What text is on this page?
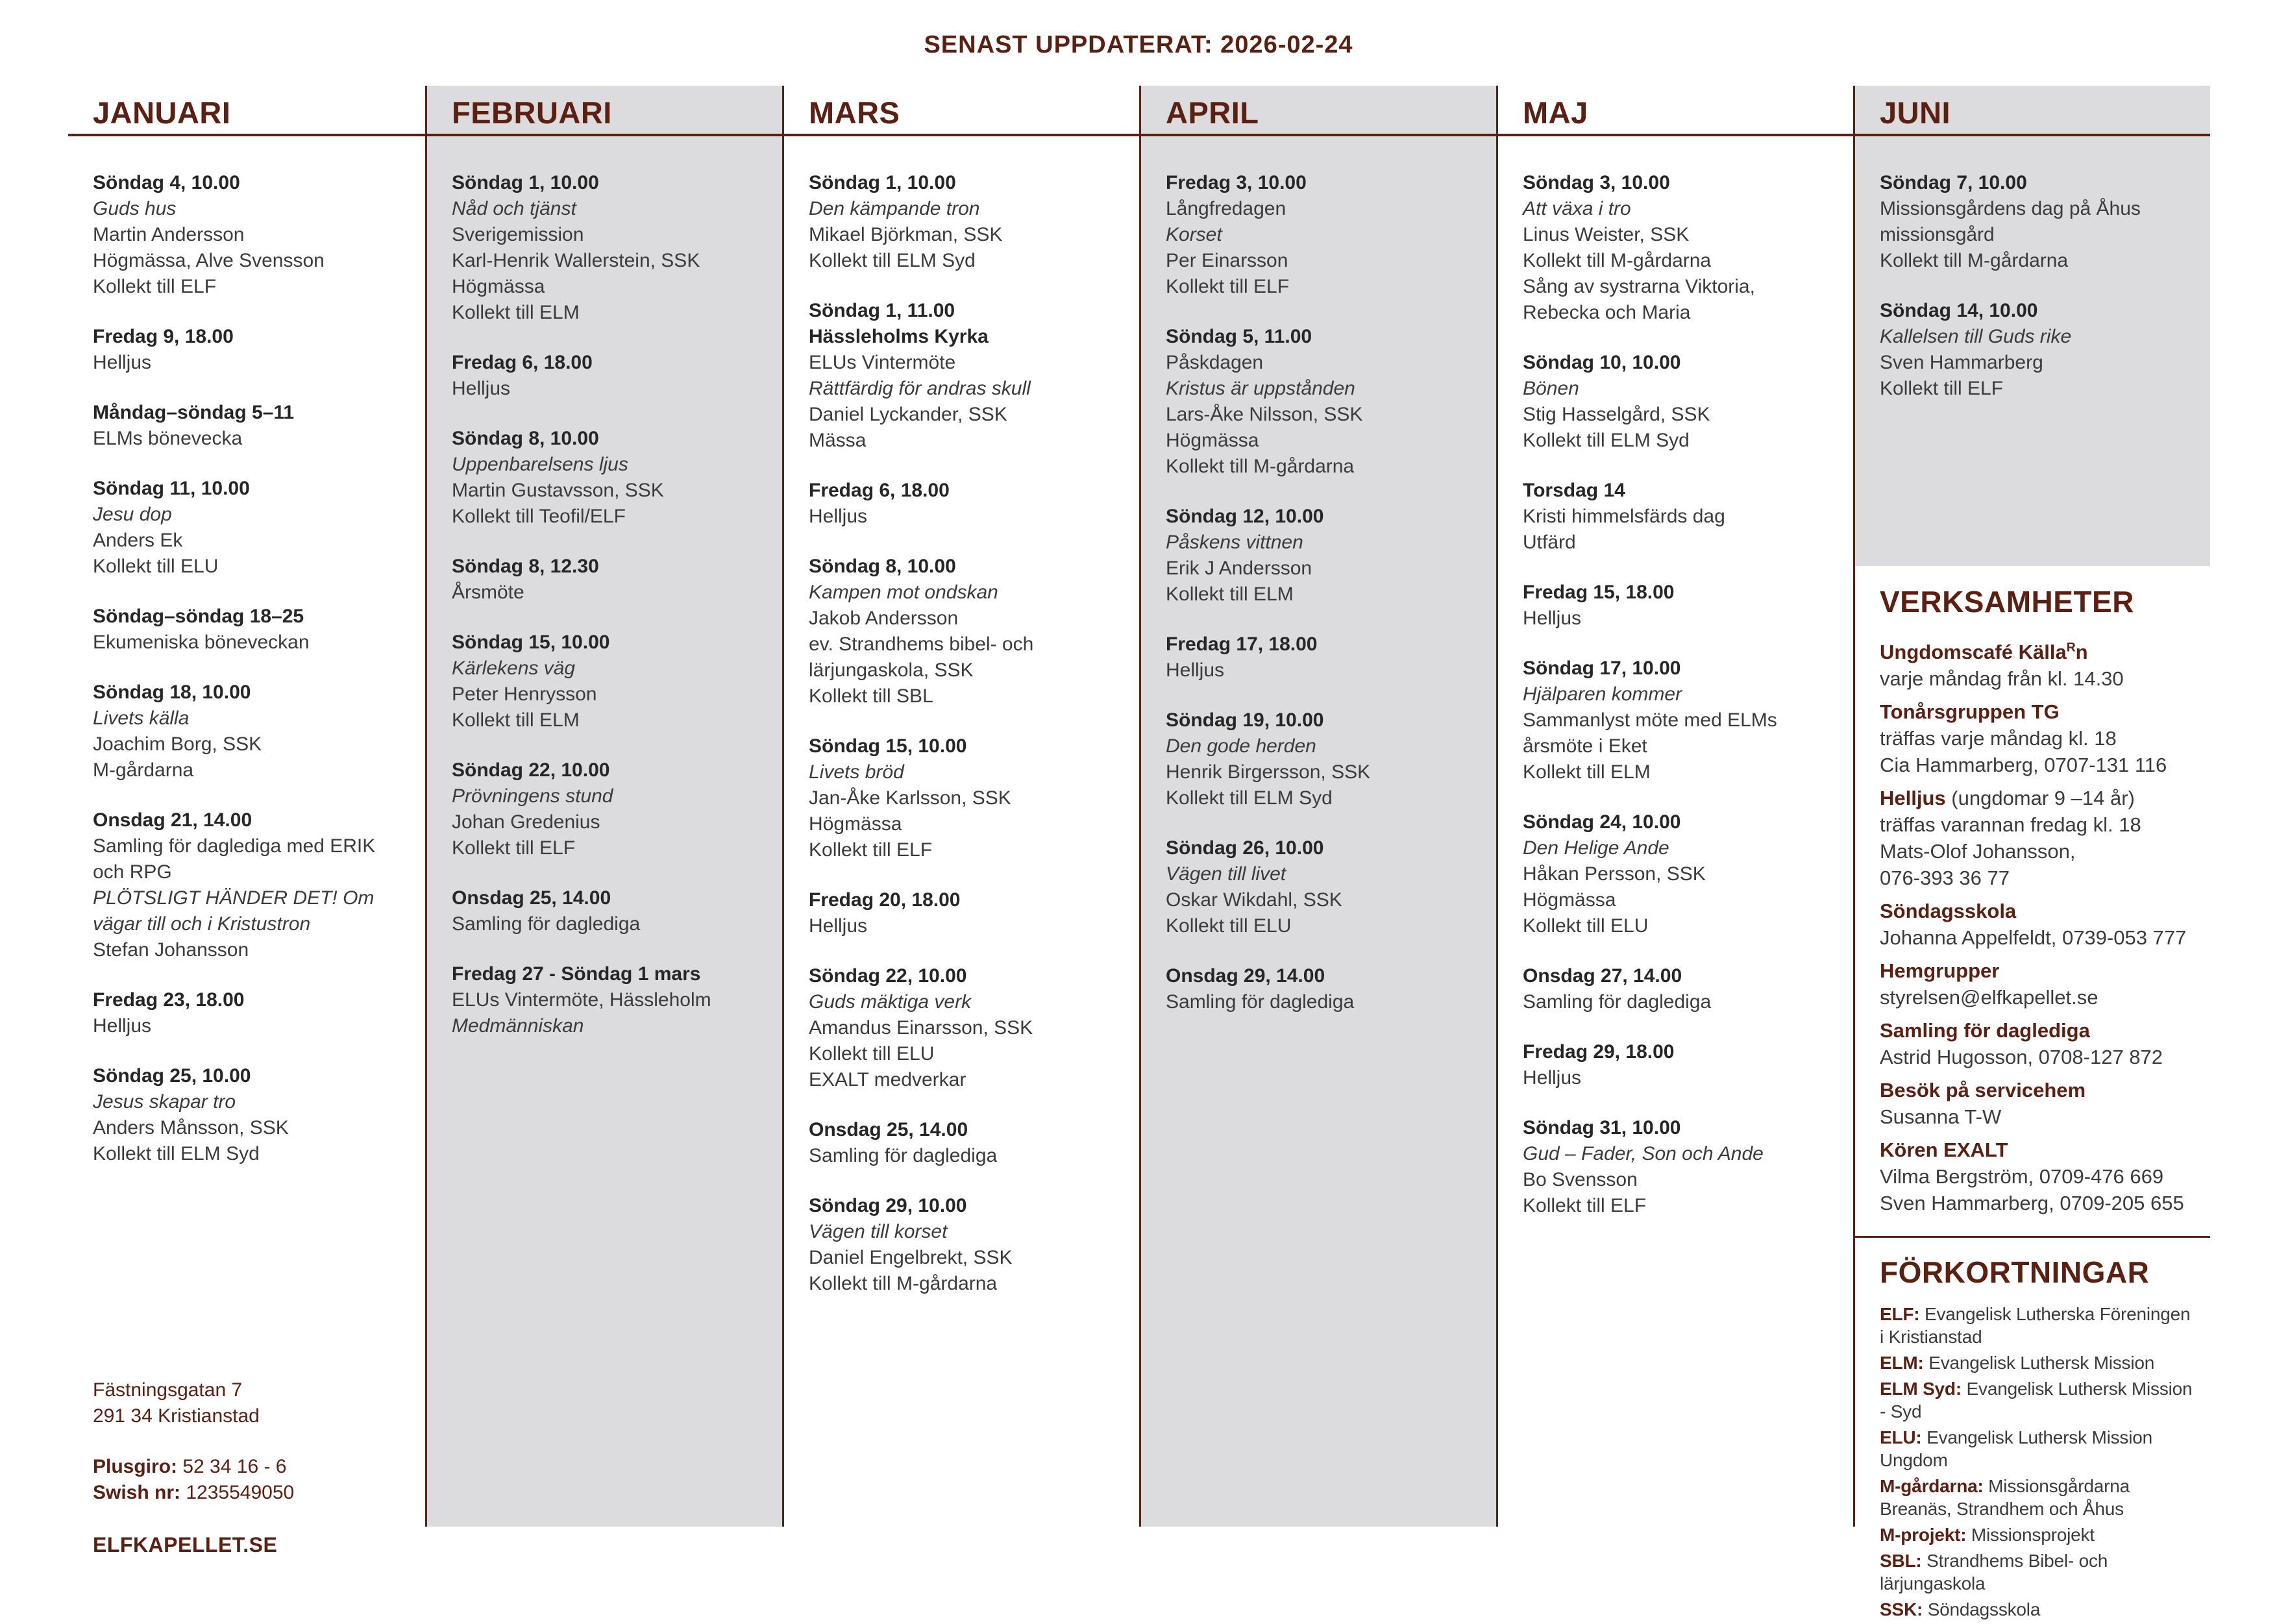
SENAST UPPDATERAT: 2026-02-24
JANUARI
Söndag 4, 10.00
Guds hus
Martin Andersson
Högmässa, Alve Svensson
Kollekt till ELF
Fredag 9, 18.00
Helljus
Måndag–söndag 5–11
ELMs bönevecka
Söndag 11, 10.00
Jesu dop
Anders Ek
Kollekt till ELU
Söndag–söndag 18–25
Ekumeniska böneveckan
Söndag 18, 10.00
Livets källa
Joachim Borg, SSK
M-gårdarna
Onsdag 21, 14.00
Samling för daglediga med ERIK och RPG
PLÖTSLIGT HÄNDER DET! Om vägar till och i Kristustron
Stefan Johansson
Fredag 23, 18.00
Helljus
Söndag 25, 10.00
Jesus skapar tro
Anders Månsson, SSK
Kollekt till ELM Syd
Fästningsgatan 7
291 34 Kristianstad
Plusgiro: 52 34 16 - 6
Swish nr: 1235549050
ELFKAPELLET.SE
FEBRUARI
Söndag 1, 10.00
Nåd och tjänst
Sverigemission
Karl-Henrik Wallerstein, SSK
Högmässa
Kollekt till ELM
Fredag 6, 18.00
Helljus
Söndag 8, 10.00
Uppenbarelsens ljus
Martin Gustavsson, SSK
Kollekt till Teofil/ELF
Söndag 8, 12.30
Årsmöte
Söndag 15, 10.00
Kärlekens väg
Peter Henrysson
Kollekt till ELM
Söndag 22, 10.00
Prövningens stund
Johan Gredenius
Kollekt till ELF
Onsdag 25, 14.00
Samling för daglediga
Fredag 27 - Söndag 1 mars
ELUs Vintermöte, Hässleholm
Medmänniskan
MARS
Söndag 1, 10.00
Den kämpande tron
Mikael Björkman, SSK
Kollekt till ELM Syd
Söndag 1, 11.00
Hässleholms Kyrka
ELUs Vintermöte
Rättfärdig för andras skull
Daniel Lyckander, SSK
Mässa
Fredag 6, 18.00
Helljus
Söndag 8, 10.00
Kampen mot ondskan
Jakob Andersson
ev. Strandhems bibel- och lärjungaskola, SSK
Kollekt till SBL
Söndag 15, 10.00
Livets bröd
Jan-Åke Karlsson, SSK
Högmässa
Kollekt till ELF
Fredag 20, 18.00
Helljus
Söndag 22, 10.00
Guds mäktiga verk
Amandus Einarsson, SSK
Kollekt till ELU
EXALT medverkar
Onsdag 25, 14.00
Samling för daglediga
Söndag 29, 10.00
Vägen till korset
Daniel Engelbrekt, SSK
Kollekt till M-gårdarna
APRIL
Fredag 3, 10.00
Långfredagen
Korset
Per Einarsson
Kollekt till ELF
Söndag 5, 11.00
Påskdagen
Kristus är uppstånden
Lars-Åke Nilsson, SSK
Högmässa
Kollekt till M-gårdarna
Söndag 12, 10.00
Påskens vittnen
Erik J Andersson
Kollekt till ELM
Fredag 17, 18.00
Helljus
Söndag 19, 10.00
Den gode herden
Henrik Birgersson, SSK
Kollekt till ELM Syd
Söndag 26, 10.00
Vägen till livet
Oskar Wikdahl, SSK
Kollekt till ELU
Onsdag 29, 14.00
Samling för daglediga
MAJ
Söndag 3, 10.00
Att växa i tro
Linus Weister, SSK
Kollekt till M-gårdarna
Sång av systrarna Viktoria, Rebecka och Maria
Söndag 10, 10.00
Bönen
Stig Hasselgård, SSK
Kollekt till ELM Syd
Torsdag 14
Kristi himmelsfärds dag
Utfärd
Fredag 15, 18.00
Helljus
Söndag 17, 10.00
Hjälparen kommer
Sammanlyst möte med ELMs årsmöte i Eket
Kollekt till ELM
Söndag 24, 10.00
Den Helige Ande
Håkan Persson, SSK
Högmässa
Kollekt till ELU
Onsdag 27, 14.00
Samling för daglediga
Fredag 29, 18.00
Helljus
Söndag 31, 10.00
Gud – Fader, Son och Ande
Bo Svensson
Kollekt till ELF
JUNI
Söndag 7, 10.00
Missionsgårdens dag på Åhus missionsgård
Kollekt till M-gårdarna
Söndag 14, 10.00
Kallelsen till Guds rike
Sven Hammarberg
Kollekt till ELF
VERKSAMHETER
Ungdomscafé Källa$^R$n
varje måndag från kl. 14.30
Tonårsgruppen TG
träffas varje måndag kl. 18
Cia Hammarberg, 0707-131 116
Helljus (ungdomar 9 –14 år)
träffas varannan fredag kl. 18
Mats-Olof Johansson,
076-393 36 77
Söndagsskola
Johanna Appelfeldt, 0739-053 777
Hemgrupper
styrelsen@elfkapellet.se
Samling för daglediga
Astrid Hugosson, 0708-127 872
Besök på servicehem
Susanna T-W
Kören EXALT
Vilma Bergström, 0709-476 669
Sven Hammarberg, 0709-205 655
FÖRKORTNINGAR
ELF: Evangelisk Lutherska Föreningen i Kristianstad
ELM: Evangelisk Luthersk Mission
ELM Syd: Evangelisk Luthersk Mission - Syd
ELU: Evangelisk Luthersk Mission Ungdom
M-gårdarna: Missionsgårdarna Breanäs, Strandhem och Åhus
M-projekt: Missionsprojekt
SBL: Strandhems Bibel- och lärjungaskola
SSK: Söndagsskola
